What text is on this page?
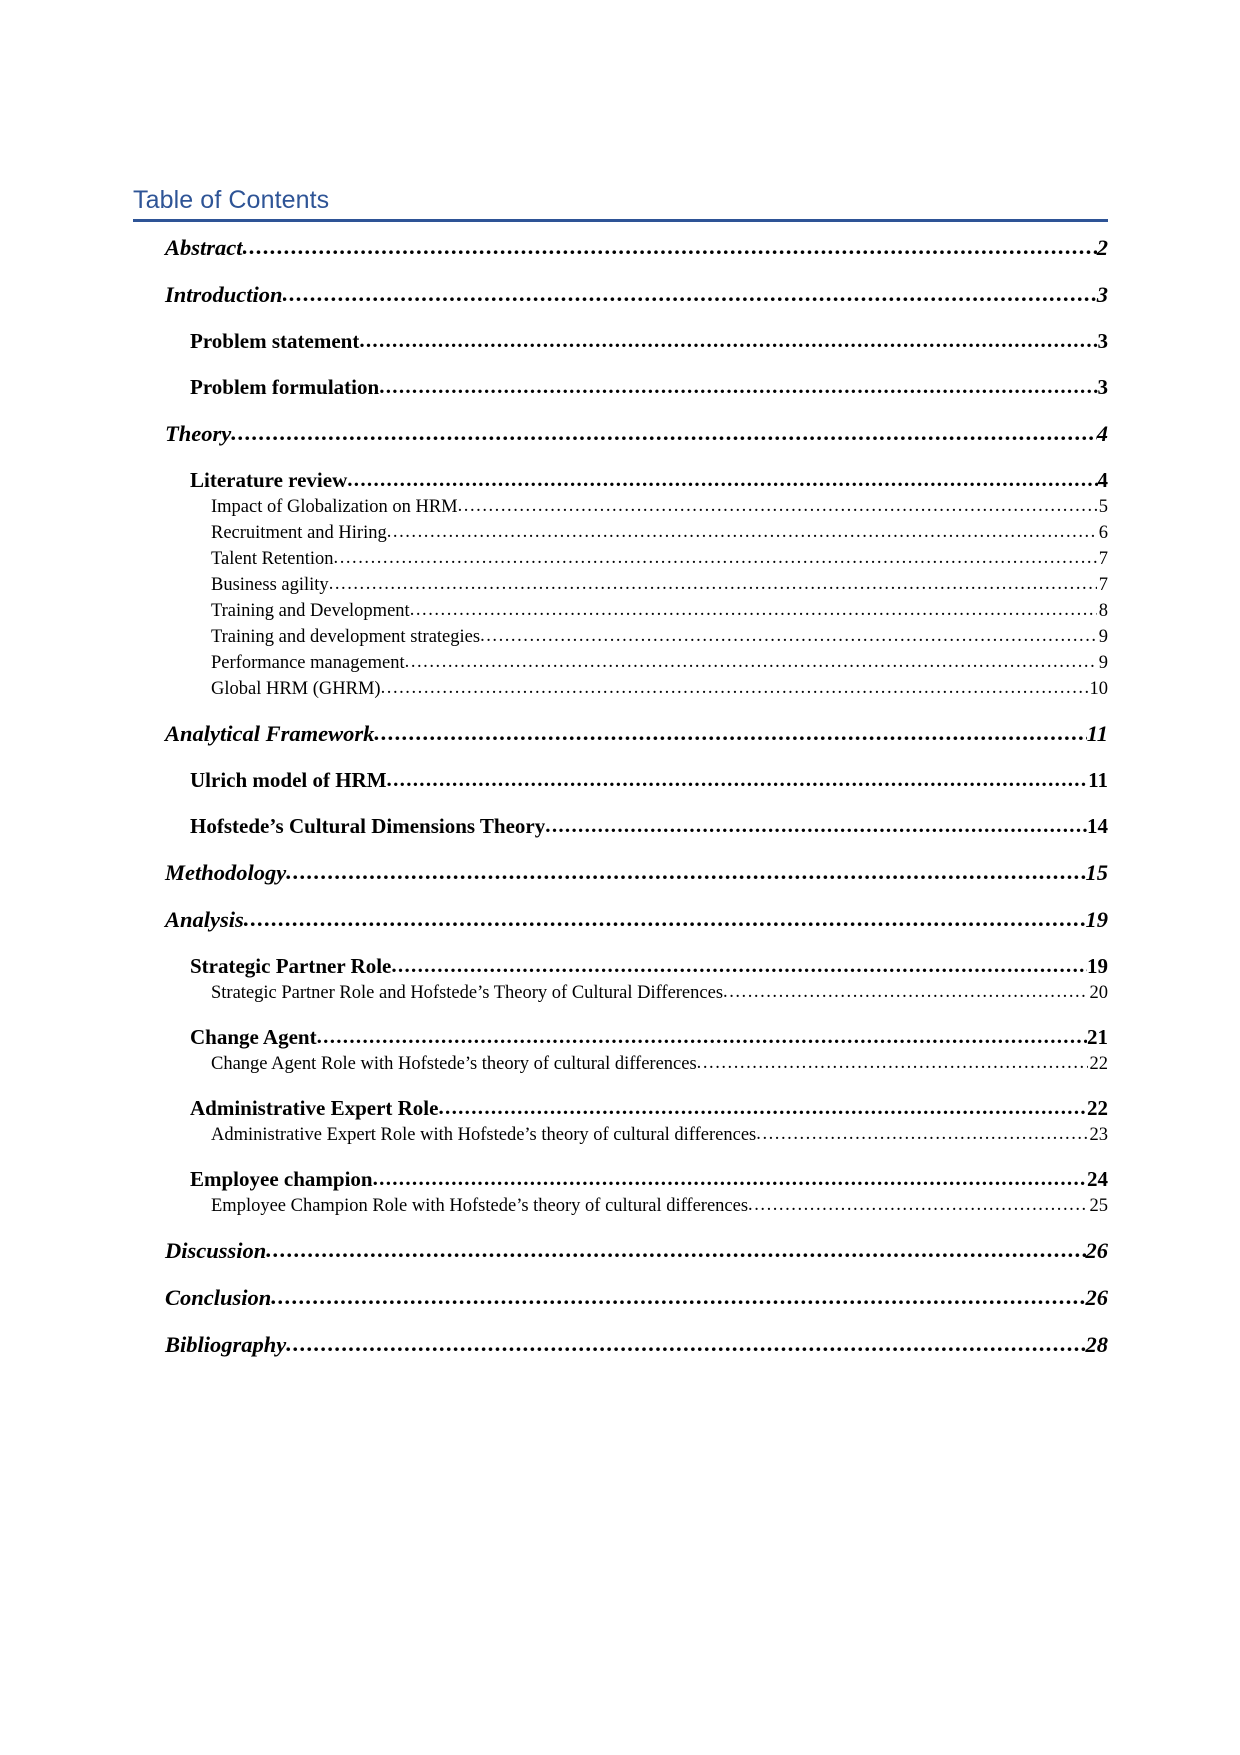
Table of Contents
Abstract .....	2
Introduction .....	3
Problem statement .....	3
Problem formulation .....	3
Theory .....	4
Literature review .....	4
Impact of Globalization on HRM .....	5
Recruitment and Hiring .....	6
Talent Retention .....	7
Business agility .....	7
Training and Development .....	8
Training and development strategies .....	9
Performance management .....	9
Global HRM (GHRM) .....	10
Analytical Framework .....	11
Ulrich model of HRM .....	11
Hofstede’s Cultural Dimensions Theory .....	14
Methodology .....	15
Analysis .....	19
Strategic Partner Role .....	19
Strategic Partner Role and Hofstede’s Theory of Cultural Differences .....	20
Change Agent .....	21
Change Agent Role with Hofstede’s theory of cultural differences .....	22
Administrative Expert Role .....	22
Administrative Expert Role with Hofstede’s theory of cultural differences .....	23
Employee champion .....	24
Employee Champion Role with Hofstede’s theory of cultural differences .....	25
Discussion .....	26
Conclusion .....	26
Bibliography .....	28
